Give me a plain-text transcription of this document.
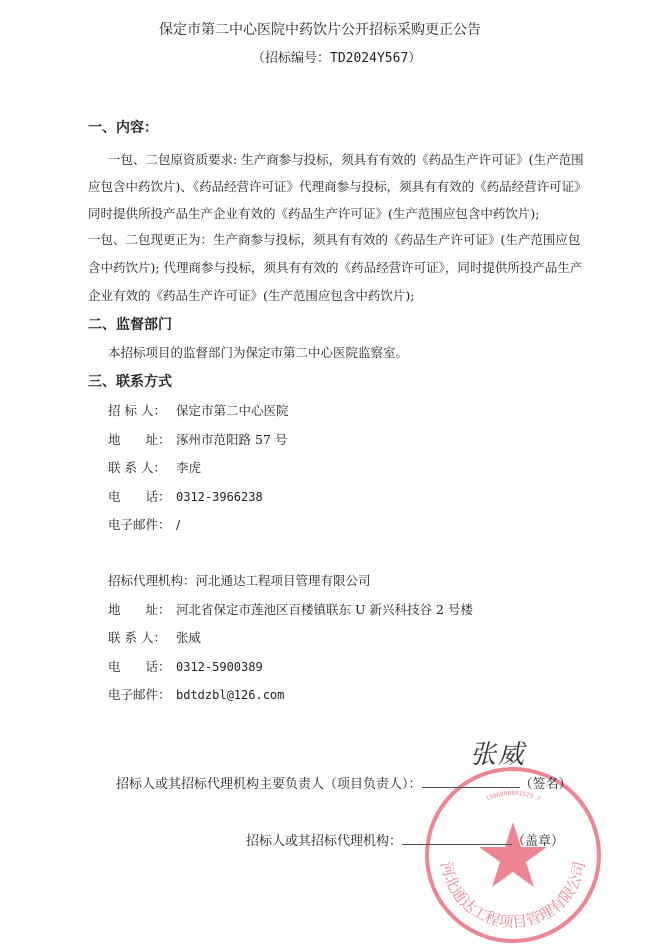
保定市第二中心医院中药饮片公开招标采购更正公告
（招标编号：TD2024Y567）
一、内容：
一包、二包原资质要求: 生产商参与投标，须具有有效的《药品生产许可证》(生产范围
应包含中药饮片)、《药品经营许可证》代理商参与投标，须具有有效的《药品经营许可证》
同时提供所投产品生产企业有效的《药品生产许可证》(生产范围应包含中药饮片);
一包、二包现更正为：生产商参与投标，须具有有效的《药品生产许可证》(生产范围应包
含中药饮片); 代理商参与投标，须具有有效的《药品经营许可证》，同时提供所投产品生产
企业有效的《药品生产许可证》(生产范围应包含中药饮片);
二、监督部门
本招标项目的监督部门为保定市第二中心医院监察室。
三、联系方式
招 标 人： 保定市第二中心医院
地　　址： 涿州市范阳路 57 号
联 系 人： 李虎
电　　话： 0312-3966238
电子邮件： /
招标代理机构：河北通达工程项目管理有限公司
地　　址： 河北省保定市莲池区百楼镇联东 U 新兴科技谷 2 号楼
联 系 人： 张威
电　　话： 0312-5900389
电子邮件： bdtdzbl@126.com
河北通达工程项目管理有限公司
1306008891529 7
招标人或其招标代理机构主要负责人（项目负责人）：	（签名）
张威
招标人或其招标代理机构：	（盖章）
